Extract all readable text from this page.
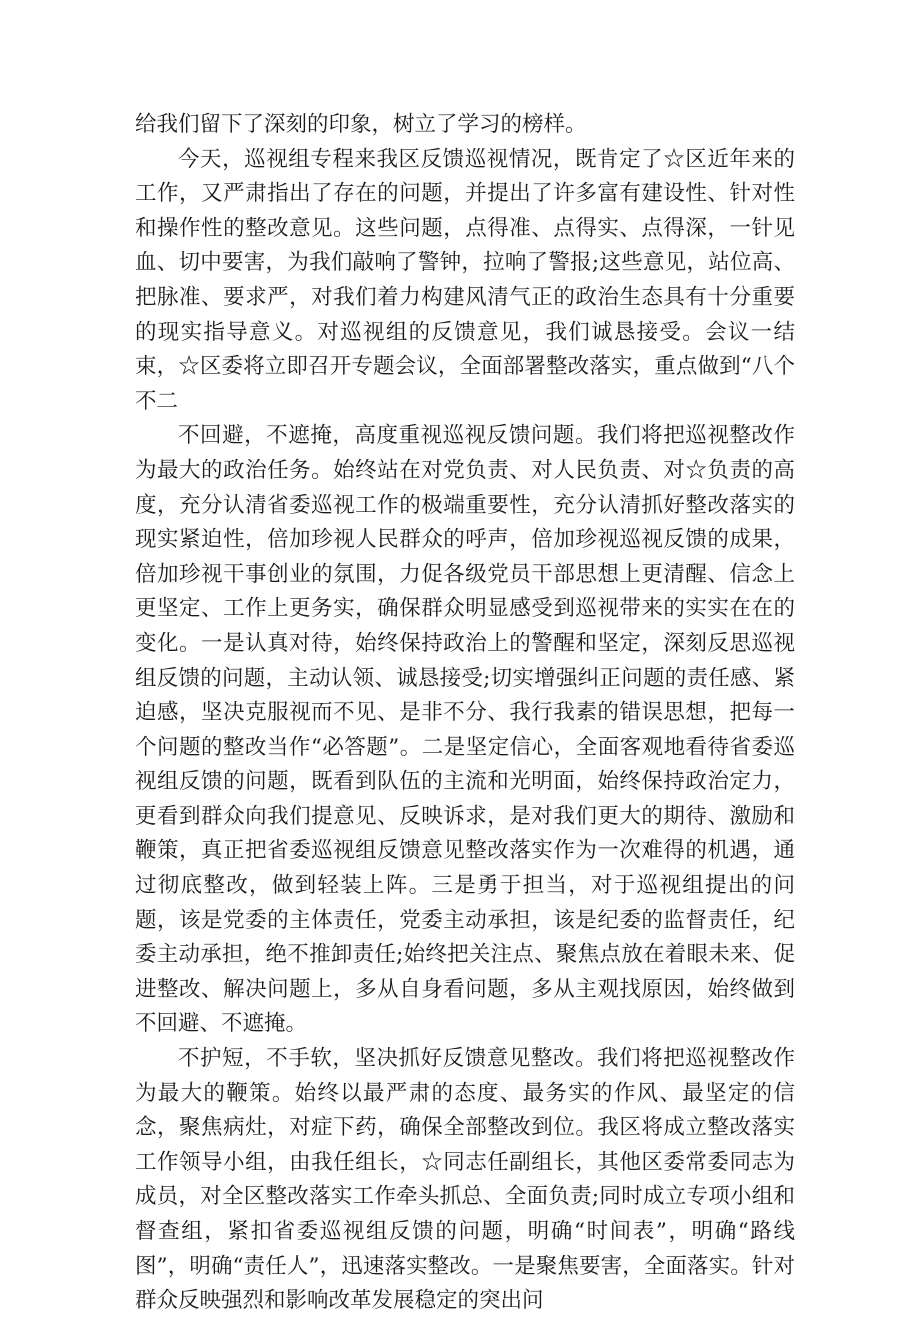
给我们留下了深刻的印象，树立了学习的榜样。

今天，巡视组专程来我区反馈巡视情况，既肯定了☆区近年来的工作，又严肃指出了存在的问题，并提出了许多富有建设性、针对性和操作性的整改意见。这些问题，点得准、点得实、点得深，一针见血、切中要害，为我们敲响了警钟，拉响了警报;这些意见，站位高、把脉准、要求严，对我们着力构建风清气正的政治生态具有十分重要的现实指导意义。对巡视组的反馈意见，我们诚恳接受。会议一结束，☆区委将立即召开专题会议，全面部署整改落实，重点做到“八个不二

不回避，不遮掩，高度重视巡视反馈问题。我们将把巡视整改作为最大的政治任务。始终站在对党负责、对人民负责、对☆负责的高度，充分认清省委巡视工作的极端重要性，充分认清抓好整改落实的现实紧迫性，倍加珍视人民群众的呼声，倍加珍视巡视反馈的成果，倍加珍视干事创业的氛围，力促各级党员干部思想上更清醒、信念上更坚定、工作上更务实，确保群众明显感受到巡视带来的实实在在的变化。一是认真对待，始终保持政治上的警醒和坚定，深刻反思巡视组反馈的问题，主动认领、诚恳接受;切实增强纠正问题的责任感、紧迫感，坚决克服视而不见、是非不分、我行我素的错误思想，把每一个问题的整改当作“必答题”。二是坚定信心，全面客观地看待省委巡视组反馈的问题，既看到队伍的主流和光明面，始终保持政治定力，更看到群众向我们提意见、反映诉求，是对我们更大的期待、激励和鞭策，真正把省委巡视组反馈意见整改落实作为一次难得的机遇，通过彻底整改，做到轻装上阵。三是勇于担当，对于巡视组提出的问题，该是党委的主体责任，党委主动承担，该是纪委的监督责任，纪委主动承担，绝不推卸责任;始终把关注点、聚焦点放在着眼未来、促进整改、解决问题上，多从自身看问题，多从主观找原因，始终做到不回避、不遮掩。

不护短，不手软，坚决抓好反馈意见整改。我们将把巡视整改作为最大的鞭策。始终以最严肃的态度、最务实的作风、最坚定的信念，聚焦病灶，对症下药，确保全部整改到位。我区将成立整改落实工作领导小组，由我任组长，☆同志任副组长，其他区委常委同志为成员，对全区整改落实工作牵头抓总、全面负责;同时成立专项小组和督查组，紧扣省委巡视组反馈的问题，明确“时间表”，明确“路线图”，明确“责任人”，迅速落实整改。一是聚焦要害，全面落实。针对群众反映强烈和影响改革发展稳定的突出问
